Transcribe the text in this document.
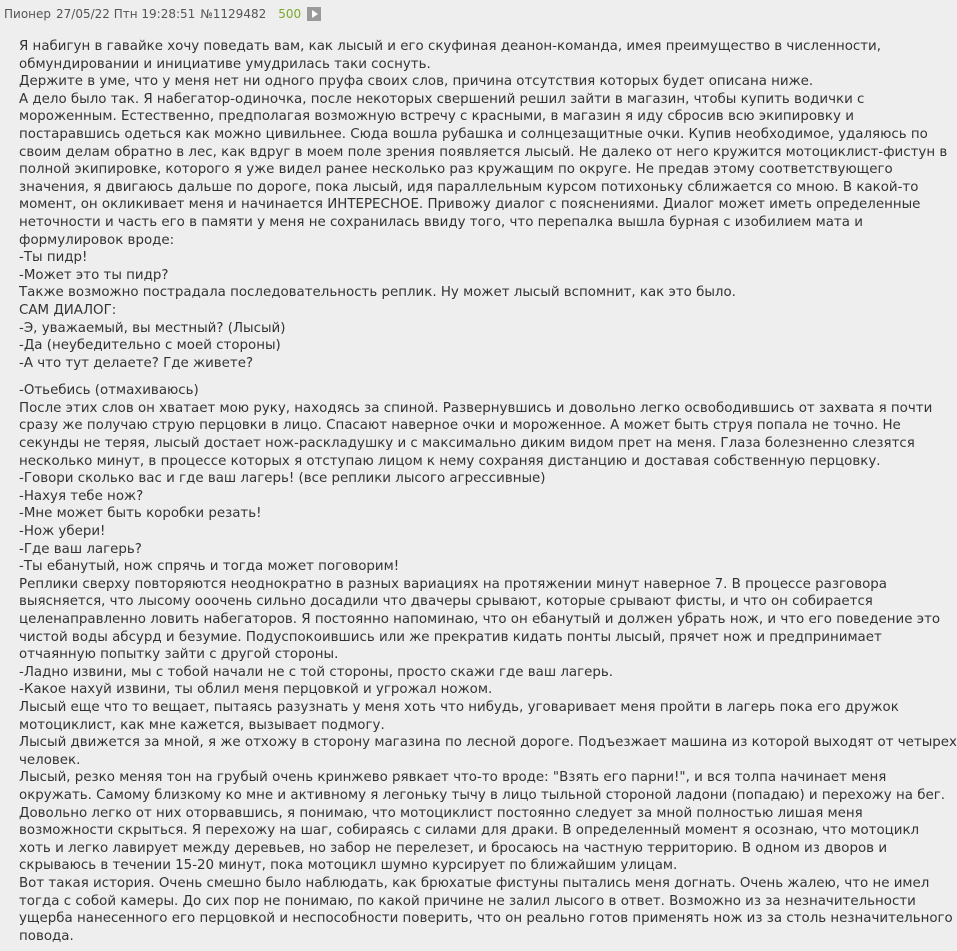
Пионер 27/05/22 Птн 19:28:51 №1129482 500
Я набигун в гавайке хочу поведать вам, как лысый и его скуфиная деанон-команда, имея преимущество в численности,
обмундировании и инициативе умудрилась таки соснуть.
Держите в уме, что у меня нет ни одного пруфа своих слов, причина отсутствия которых будет описана ниже.
А дело было так. Я набегатор-одиночка, после некоторых свершений решил зайти в магазин, чтобы купить водички с
мороженным. Естественно, предполагая возможную встречу с красными, в магазин я иду сбросив всю экипировку и
постаравшись одеться как можно цивильнее. Сюда вошла рубашка и солнцезащитные очки. Купив необходимое, удаляюсь по
своим делам обратно в лес, как вдруг в моем поле зрения появляется лысый. Не далеко от него кружится мотоциклист-фистун в
полной экипировке, которого я уже видел ранее несколько раз кружащим по округе. Не предав этому соответствующего
значения, я двигаюсь дальше по дороге, пока лысый, идя параллельным курсом потихоньку сближается со мною. В какой-то
момент, он окликивает меня и начинается ИНТЕРЕСНОЕ. Привожу диалог с пояснениями. Диалог может иметь определенные
неточности и часть его в памяти у меня не сохранилась ввиду того, что перепалка вышла бурная с изобилием мата и
формулировок вроде:
-Ты пидр!
-Может это ты пидр?
Также возможно пострадала последовательность реплик. Ну может лысый вспомнит, как это было.
САМ ДИАЛОГ:
-Э, уважаемый, вы местный? (Лысый)
-Да (неубедительно с моей стороны)
-А что тут делаете? Где живете?
-Отьебись (отмахиваюсь)
После этих слов он хватает мою руку, находясь за спиной. Развернувшись и довольно легко освободившись от захвата я почти
сразу же получаю струю перцовки в лицо. Спасают наверное очки и мороженное. А может быть струя попала не точно. Не
секунды не теряя, лысый достает нож-раскладушку и с максимально диким видом прет на меня. Глаза болезненно слезятся
несколько минут, в процессе которых я отступаю лицом к нему сохраняя дистанцию и доставая собственную перцовку.
-Говори сколько вас и где ваш лагерь! (все реплики лысого агрессивные)
-Нахуя тебе нож?
-Мне может быть коробки резать!
-Нож убери!
-Где ваш лагерь?
-Ты ебанутый, нож спрячь и тогда может поговорим!
Реплики сверху повторяются неоднократно в разных вариациях на протяжении минут наверное 7. В процессе разговора
выясняется, что лысому ооочень сильно досадили что двачеры срывают, которые срывают фисты, и что он собирается
целенаправленно ловить набегаторов. Я постоянно напоминаю, что он ебанутый и должен убрать нож, и что его поведение это
чистой воды абсурд и безумие. Подуспокоившись или же прекратив кидать понты лысый, прячет нож и предпринимает
отчаянную попытку зайти с другой стороны.
-Ладно извини, мы с тобой начали не с той стороны, просто скажи где ваш лагерь.
-Какое нахуй извини, ты облил меня перцовкой и угрожал ножом.
Лысый еще что то вещает, пытаясь разузнать у меня хоть что нибудь, уговаривает меня пройти в лагерь пока его дружок
мотоциклист, как мне кажется, вызывает подмогу.
Лысый движется за мной, я же отхожу в сторону магазина по лесной дороге. Подъезжает машина из которой выходят от четырех
человек.
Лысый, резко меняя тон на грубый очень кринжево рявкает что-то вроде: "Взять его парни!", и вся толпа начинает меня
окружать. Самому близкому ко мне и активному я легоньку тычу в лицо тыльной стороной ладони (попадаю) и перехожу на бег.
Довольно легко от них оторвавшись, я понимаю, что мотоциклист постоянно следует за мной полностью лишая меня
возможности скрыться. Я перехожу на шаг, собираясь с силами для драки. В определенный момент я осознаю, что мотоцикл
хоть и легко лавирует между деревьев, но забор не перелезет, и бросаюсь на частную территорию. В одном из дворов и
скрываюсь в течении 15-20 минут, пока мотоцикл шумно курсирует по ближайшим улицам.
Вот такая история. Очень смешно было наблюдать, как брюхатые фистуны пытались меня догнать. Очень жалею, что не имел
тогда с собой камеры. До сих пор не понимаю, по какой причине не залил лысого в ответ. Возможно из за незначительности
ущерба нанесенного его перцовкой и неспособности поверить, что он реально готов применять нож из за столь незначительного
повода.
